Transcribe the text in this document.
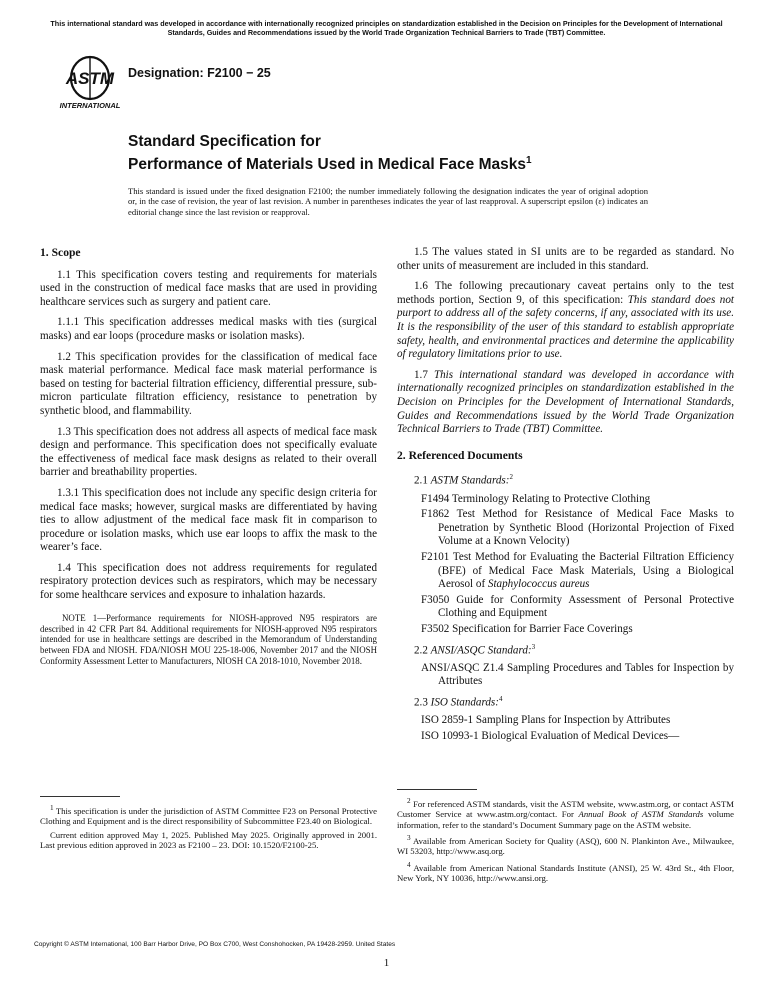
This international standard was developed in accordance with internationally recognized principles on standardization established in the Decision on Principles for the Development of International Standards, Guides and Recommendations issued by the World Trade Organization Technical Barriers to Trade (TBT) Committee.
ASTM
INTERNATIONAL
Designation: F2100 − 25
Standard Specification for
Performance of Materials Used in Medical Face Masks$^1$
This standard is issued under the fixed designation F2100; the number immediately following the designation indicates the year of original adoption or, in the case of revision, the year of last revision. A number in parentheses indicates the year of last reapproval. A superscript epsilon (ε) indicates an editorial change since the last revision or reapproval.
1. Scope

1.1 This specification covers testing and requirements for materials used in the construction of medical face masks that are used in providing healthcare services such as surgery and patient care.

1.1.1 This specification addresses medical masks with ties (surgical masks) and ear loops (procedure masks or isolation masks).

1.2 This specification provides for the classification of medical face mask material performance. Medical face mask material performance is based on testing for bacterial filtration efficiency, differential pressure, sub-micron particulate filtration efficiency, resistance to penetration by synthetic blood, and flammability.

1.3 This specification does not address all aspects of medical face mask design and performance. This specification does not specifically evaluate the effectiveness of medical face mask designs as related to their overall barrier and breathability properties.

1.3.1 This specification does not include any specific design criteria for medical face masks; however, surgical masks are differentiated by having ties to allow adjustment of the medical face mask fit in comparison to procedure or isolation masks, which use ear loops to affix the mask to the wearer’s face.

1.4 This specification does not address requirements for regulated respiratory protection devices such as respirators, which may be necessary for some healthcare services and exposure to inhalation hazards.

NOTE 1—Performance requirements for NIOSH-approved N95 respirators are described in 42 CFR Part 84. Additional requirements for NIOSH-approved N95 respirators intended for use in healthcare settings are described in the Memorandum of Understanding between FDA and NIOSH. FDA/NIOSH MOU 225-18-006, November 2017 and the NIOSH Conformity Assessment Letter to Manufacturers, NIOSH CA 2018-1010, November 2018.

1.5 The values stated in SI units are to be regarded as standard. No other units of measurement are included in this standard.

1.6 The following precautionary caveat pertains only to the test methods portion, Section 9, of this specification: This standard does not purport to address all of the safety concerns, if any, associated with its use. It is the responsibility of the user of this standard to establish appropriate safety, health, and environmental practices and determine the applicability of regulatory limitations prior to use.

1.7 This international standard was developed in accordance with internationally recognized principles on standardization established in the Decision on Principles for the Development of International Standards, Guides and Recommendations issued by the World Trade Organization Technical Barriers to Trade (TBT) Committee.

2. Referenced Documents
2.1 ASTM Standards:$^2$
F1494 Terminology Relating to Protective Clothing
F1862 Test Method for Resistance of Medical Face Masks to Penetration by Synthetic Blood (Horizontal Projection of Fixed Volume at a Known Velocity)
F2101 Test Method for Evaluating the Bacterial Filtration Efficiency (BFE) of Medical Face Mask Materials, Using a Biological Aerosol of Staphylococcus aureus
F3050 Guide for Conformity Assessment of Personal Protective Clothing and Equipment
F3502 Specification for Barrier Face Coverings
2.2 ANSI/ASQC Standard:$^3$
ANSI/ASQC Z1.4 Sampling Procedures and Tables for Inspection by Attributes
2.3 ISO Standards:$^4$
ISO 2859-1 Sampling Plans for Inspection by Attributes
ISO 10993-1 Biological Evaluation of Medical Devices—

$^1$ This specification is under the jurisdiction of ASTM Committee F23 on Personal Protective Clothing and Equipment and is the direct responsibility of Subcommittee F23.40 on Biological.

Current edition approved May 1, 2025. Published May 2025. Originally approved in 2001. Last previous edition approved in 2023 as F2100 – 23. DOI: 10.1520/F2100-25.

$^2$ For referenced ASTM standards, visit the ASTM website, www.astm.org, or contact ASTM Customer Service at www.astm.org/contact. For Annual Book of ASTM Standards volume information, refer to the standard’s Document Summary page on the ASTM website.

$^3$ Available from American Society for Quality (ASQ), 600 N. Plankinton Ave., Milwaukee, WI 53203, http://www.asq.org.

$^4$ Available from American National Standards Institute (ANSI), 25 W. 43rd St., 4th Floor, New York, NY 10036, http://www.ansi.org.

Copyright © ASTM International, 100 Barr Harbor Drive, PO Box C700, West Conshohocken, PA 19428-2959. United States
1
